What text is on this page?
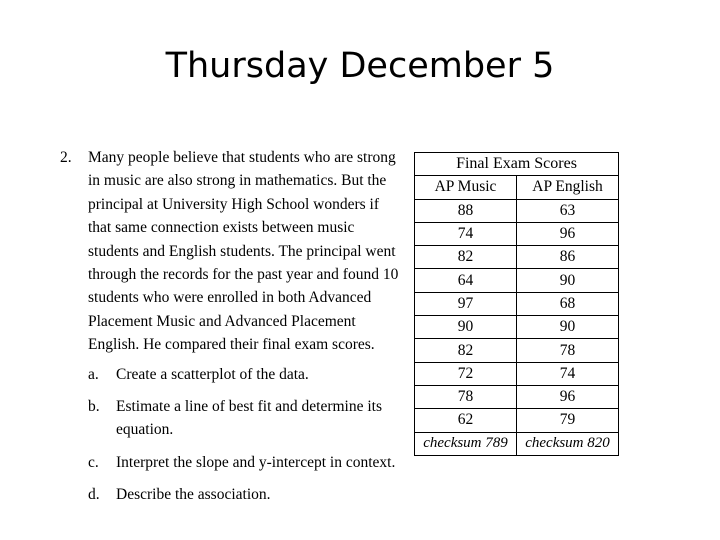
Thursday December 5
2.	Many people believe that students who are strong in music are also strong in mathematics. But the principal at University High School wonders if that same connection exists between music students and English students. The principal went through the records for the past year and found 10 students who were enrolled in both Advanced Placement Music and Advanced Placement English. He compared their final exam scores.
a.	Create a scatterplot of the data.
b.	Estimate a line of best fit and determine its equation.
c.	Interpret the slope and y-intercept in context.
d.	Describe the association.
Final Exam Scores	
AP Music	AP English
88	63
74	96
82	86
64	90
97	68
90	90
82	78
72	74
78	96
62	79
checksum 789	checksum 820
